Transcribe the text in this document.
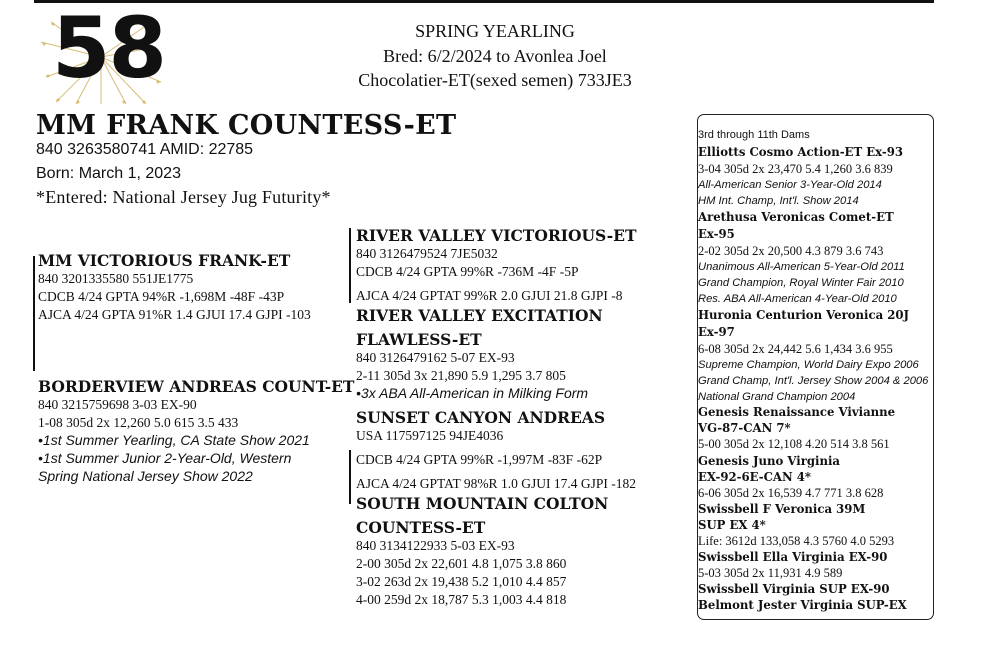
58	SPRING YEARLING
Bred: 6/2/2024 to Avonlea Joel
Chocolatier-ET(sexed semen) 733JE3
MM FRANK COUNTESS-ET
840 3263580741 AMID: 22785
Born: March 1, 2023
*Entered: National Jersey Jug Futurity*
MM VICTORIOUS FRANK-ET
840 3201335580 551JE1775
CDCB 4/24 GPTA 94%R -1,698M -48F -43P
AJCA 4/24 GPTA 91%R 1.4 GJUI 17.4 GJPI -103
BORDERVIEW ANDREAS COUNT-ET
840 3215759698 3-03 EX-90
1-08 305d 2x 12,260 5.0 615 3.5 433
•1st Summer Yearling, CA State Show 2021
•1st Summer Junior 2-Year-Old, Western
Spring National Jersey Show 2022
RIVER VALLEY VICTORIOUS-ET
840 3126479524 7JE5032
CDCB 4/24 GPTA 99%R -736M -4F -5P
AJCA 4/24 GPTAT 99%R 2.0 GJUI 21.8 GJPI -8
RIVER VALLEY EXCITATION
FLAWLESS-ET
840 3126479162 5-07 EX-93
2-11 305d 3x 21,890 5.9 1,295 3.7 805
•3x ABA All-American in Milking Form
SUNSET CANYON ANDREAS
USA 117597125 94JE4036
CDCB 4/24 GPTA 99%R -1,997M -83F -62P
AJCA 4/24 GPTAT 98%R 1.0 GJUI 17.4 GJPI -182
SOUTH MOUNTAIN COLTON
COUNTESS-ET
840 3134122933 5-03 EX-93
2-00 305d 2x 22,601 4.8 1,075 3.8 860
3-02 263d 2x 19,438 5.2 1,010 4.4 857
4-00 259d 2x 18,787 5.3 1,003 4.4 818
3rd through 11th Dams
Elliotts Cosmo Action-ET Ex-93
3-04 305d 2x 23,470 5.4 1,260 3.6 839
All-American Senior 3-Year-Old 2014
HM Int. Champ, Int'l. Show 2014
Arethusa Veronicas Comet-ET
Ex-95
2-02 305d 2x 20,500 4.3 879 3.6 743
Unanimous All-American 5-Year-Old 2011
Grand Champion, Royal Winter Fair 2010
Res. ABA All-American 4-Year-Old 2010
Huronia Centurion Veronica 20J
Ex-97
6-08 305d 2x 24,442 5.6 1,434 3.6 955
Supreme Champion, World Dairy Expo 2006
Grand Champ, Int'l. Jersey Show 2004 & 2006
National Grand Champion 2004
Genesis Renaissance Vivianne
VG-87-CAN 7*
5-00 305d 2x 12,108 4.20 514 3.8 561
Genesis Juno Virginia
EX-92-6E-CAN 4*
6-06 305d 2x 16,539 4.7 771 3.8 628
Swissbell F Veronica 39M
SUP EX 4*
Life: 3612d 133,058 4.3 5760 4.0 5293
Swissbell Ella Virginia EX-90
5-03 305d 2x 11,931 4.9 589
Swissbell Virginia SUP EX-90
Belmont Jester Virginia SUP-EX
